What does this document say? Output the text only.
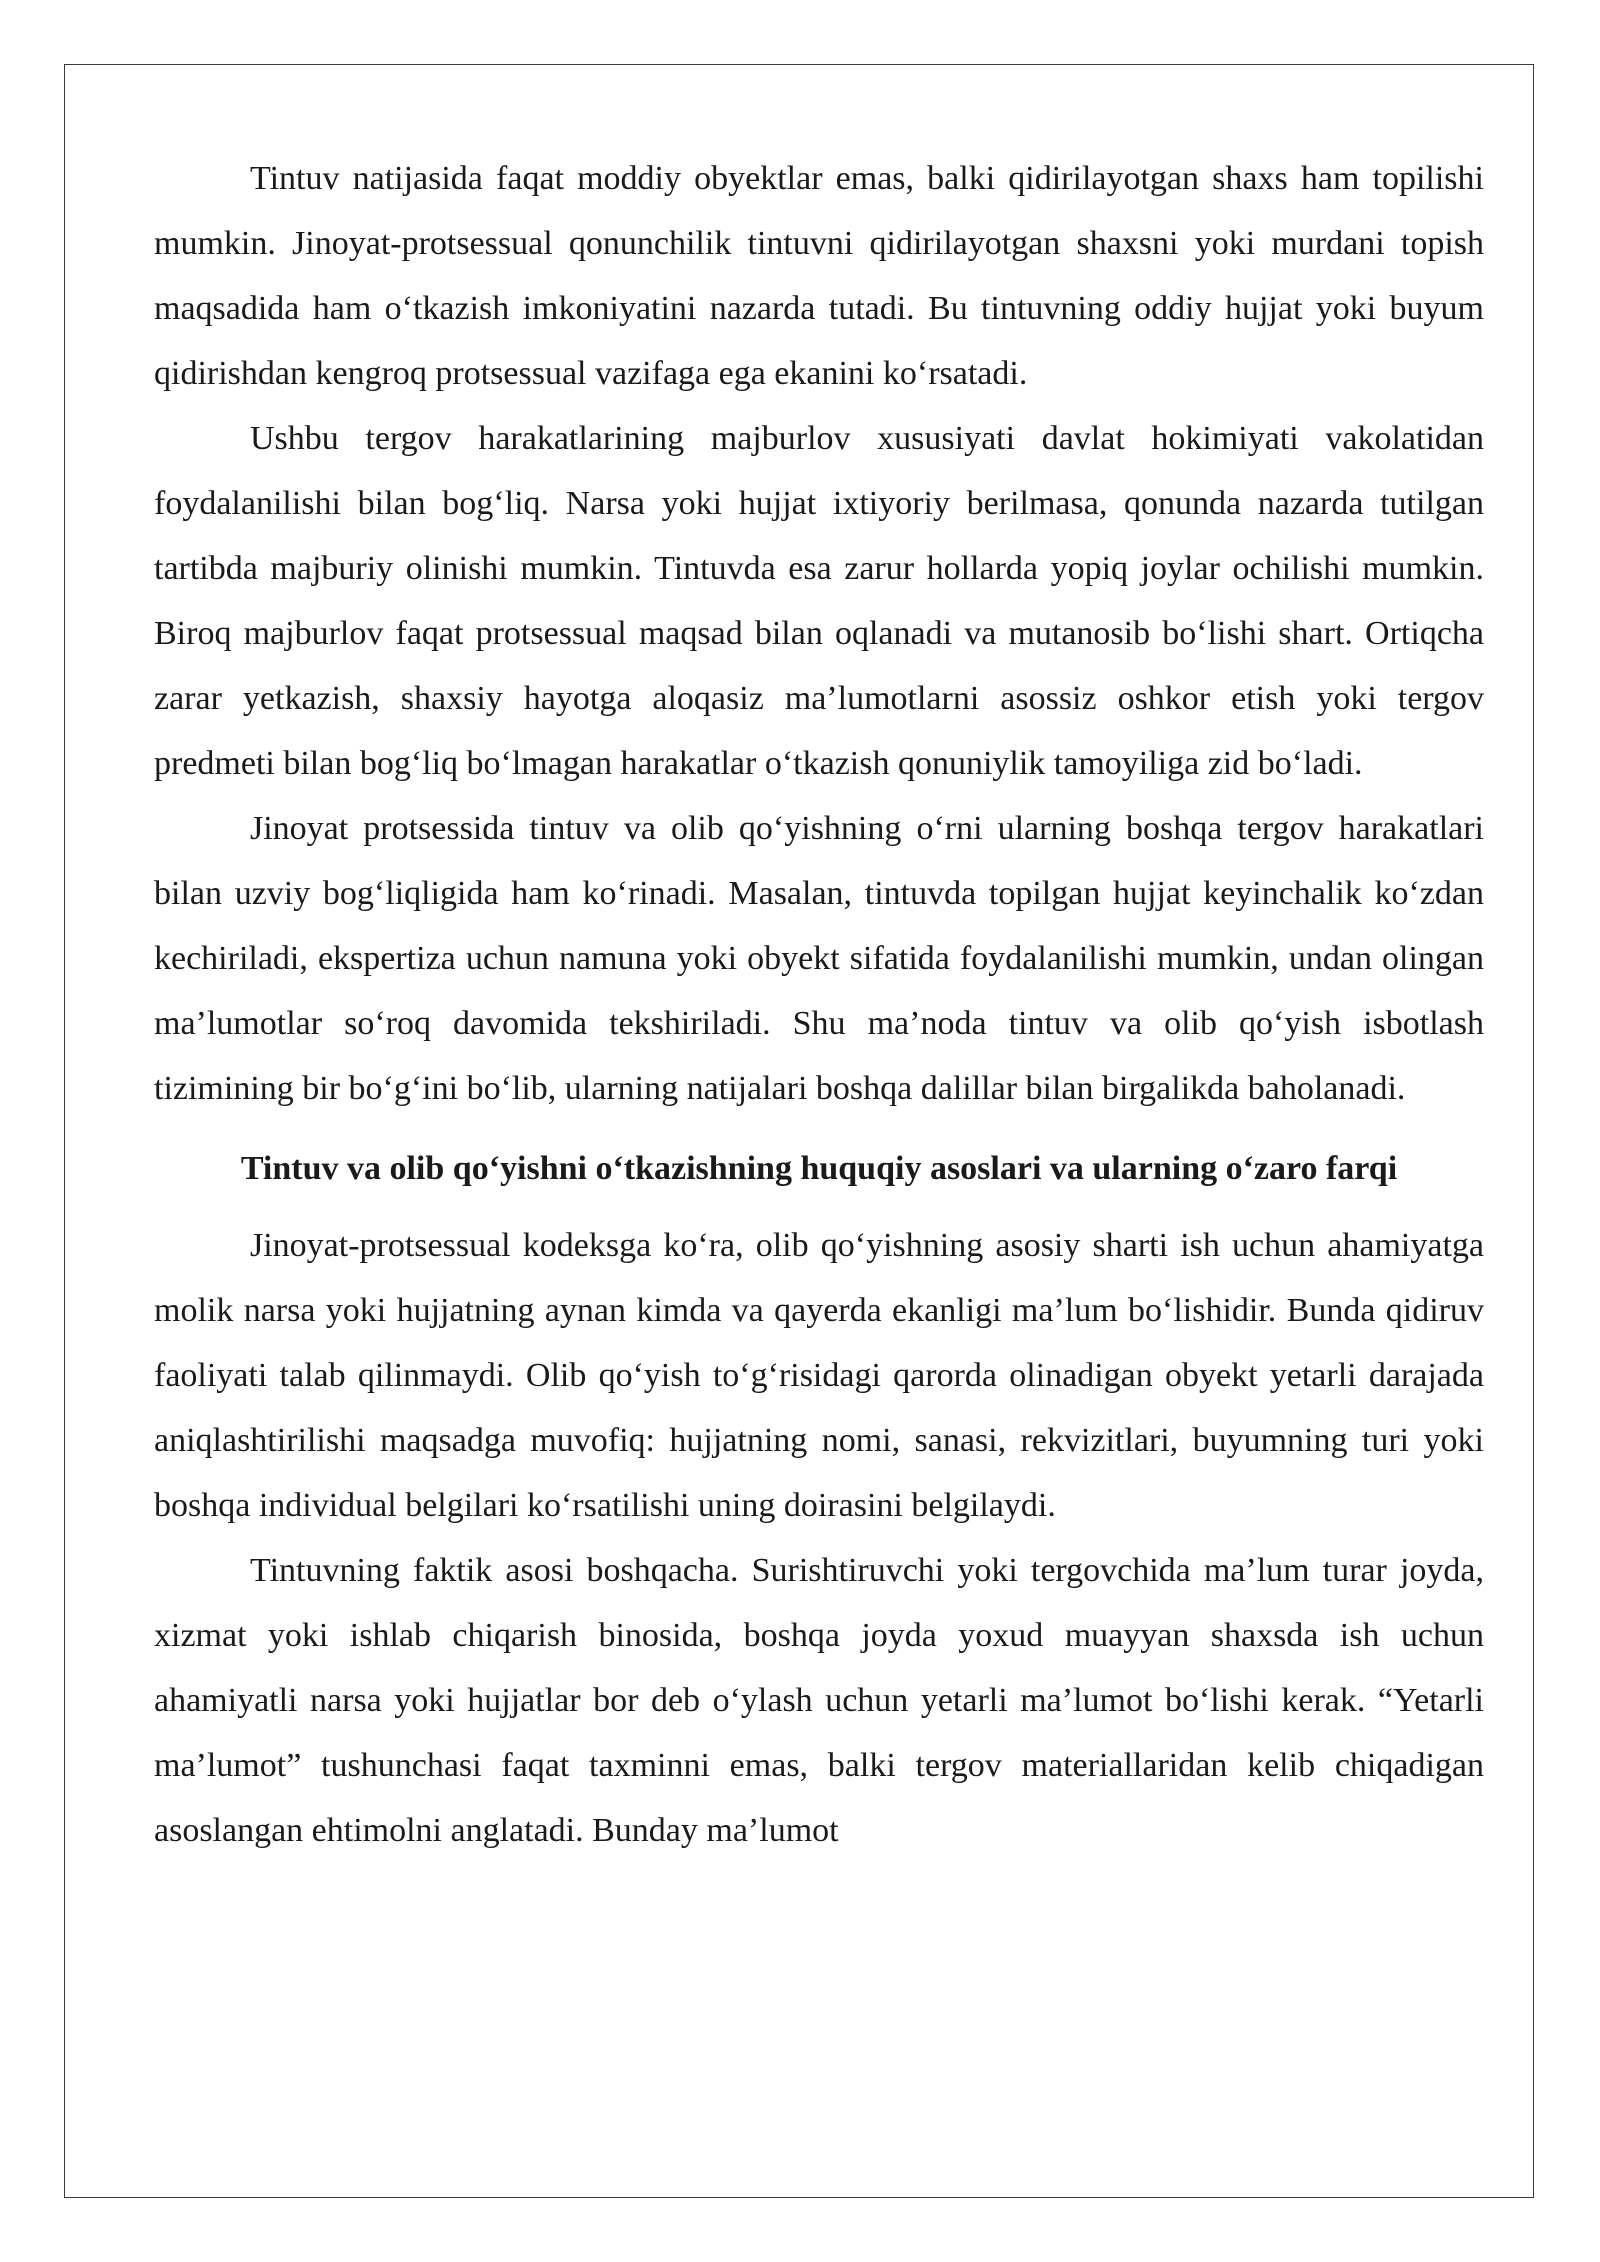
Tintuv natijasida faqat moddiy obyektlar emas, balki qidirilayotgan shaxs ham topilishi mumkin. Jinoyat-protsessual qonunchilik tintuvni qidirilayotgan shaxsni yoki murdani topish maqsadida ham o‘tkazish imkoniyatini nazarda tutadi. Bu tintuvning oddiy hujjat yoki buyum qidirishdan kengroq protsessual vazifaga ega ekanini ko‘rsatadi.

Ushbu tergov harakatlarining majburlov xususiyati davlat hokimiyati vakolatidan foydalanilishi bilan bog‘liq. Narsa yoki hujjat ixtiyoriy berilmasa, qonunda nazarda tutilgan tartibda majburiy olinishi mumkin. Tintuvda esa zarur hollarda yopiq joylar ochilishi mumkin. Biroq majburlov faqat protsessual maqsad bilan oqlanadi va mutanosib bo‘lishi shart. Ortiqcha zarar yetkazish, shaxsiy hayotga aloqasiz ma’lumotlarni asossiz oshkor etish yoki tergov predmeti bilan bog‘liq bo‘lmagan harakatlar o‘tkazish qonuniylik tamoyiliga zid bo‘ladi.

Jinoyat protsessida tintuv va olib qo‘yishning o‘rni ularning boshqa tergov harakatlari bilan uzviy bog‘liqligida ham ko‘rinadi. Masalan, tintuvda topilgan hujjat keyinchalik ko‘zdan kechiriladi, ekspertiza uchun namuna yoki obyekt sifatida foydalanilishi mumkin, undan olingan ma’lumotlar so‘roq davomida tekshiriladi. Shu ma’noda tintuv va olib qo‘yish isbotlash tizimining bir bo‘g‘ini bo‘lib, ularning natijalari boshqa dalillar bilan birgalikda baholanadi.

Tintuv va olib qo‘yishni o‘tkazishning huquqiy asoslari va ularning o‘zaro farqi

Jinoyat-protsessual kodeksga ko‘ra, olib qo‘yishning asosiy sharti ish uchun ahamiyatga molik narsa yoki hujjatning aynan kimda va qayerda ekanligi ma’lum bo‘lishidir. Bunda qidiruv faoliyati talab qilinmaydi. Olib qo‘yish to‘g‘risidagi qarorda olinadigan obyekt yetarli darajada aniqlashtirilishi maqsadga muvofiq: hujjatning nomi, sanasi, rekvizitlari, buyumning turi yoki boshqa individual belgilari ko‘rsatilishi uning doirasini belgilaydi.

Tintuvning faktik asosi boshqacha. Surishtiruvchi yoki tergovchida ma’lum turar joyda, xizmat yoki ishlab chiqarish binosida, boshqa joyda yoxud muayyan shaxsda ish uchun ahamiyatli narsa yoki hujjatlar bor deb o‘ylash uchun yetarli ma’lumot bo‘lishi kerak. “Yetarli ma’lumot” tushunchasi faqat taxminni emas, balki tergov materiallaridan kelib chiqadigan asoslangan ehtimolni anglatadi. Bunday ma’lumot
